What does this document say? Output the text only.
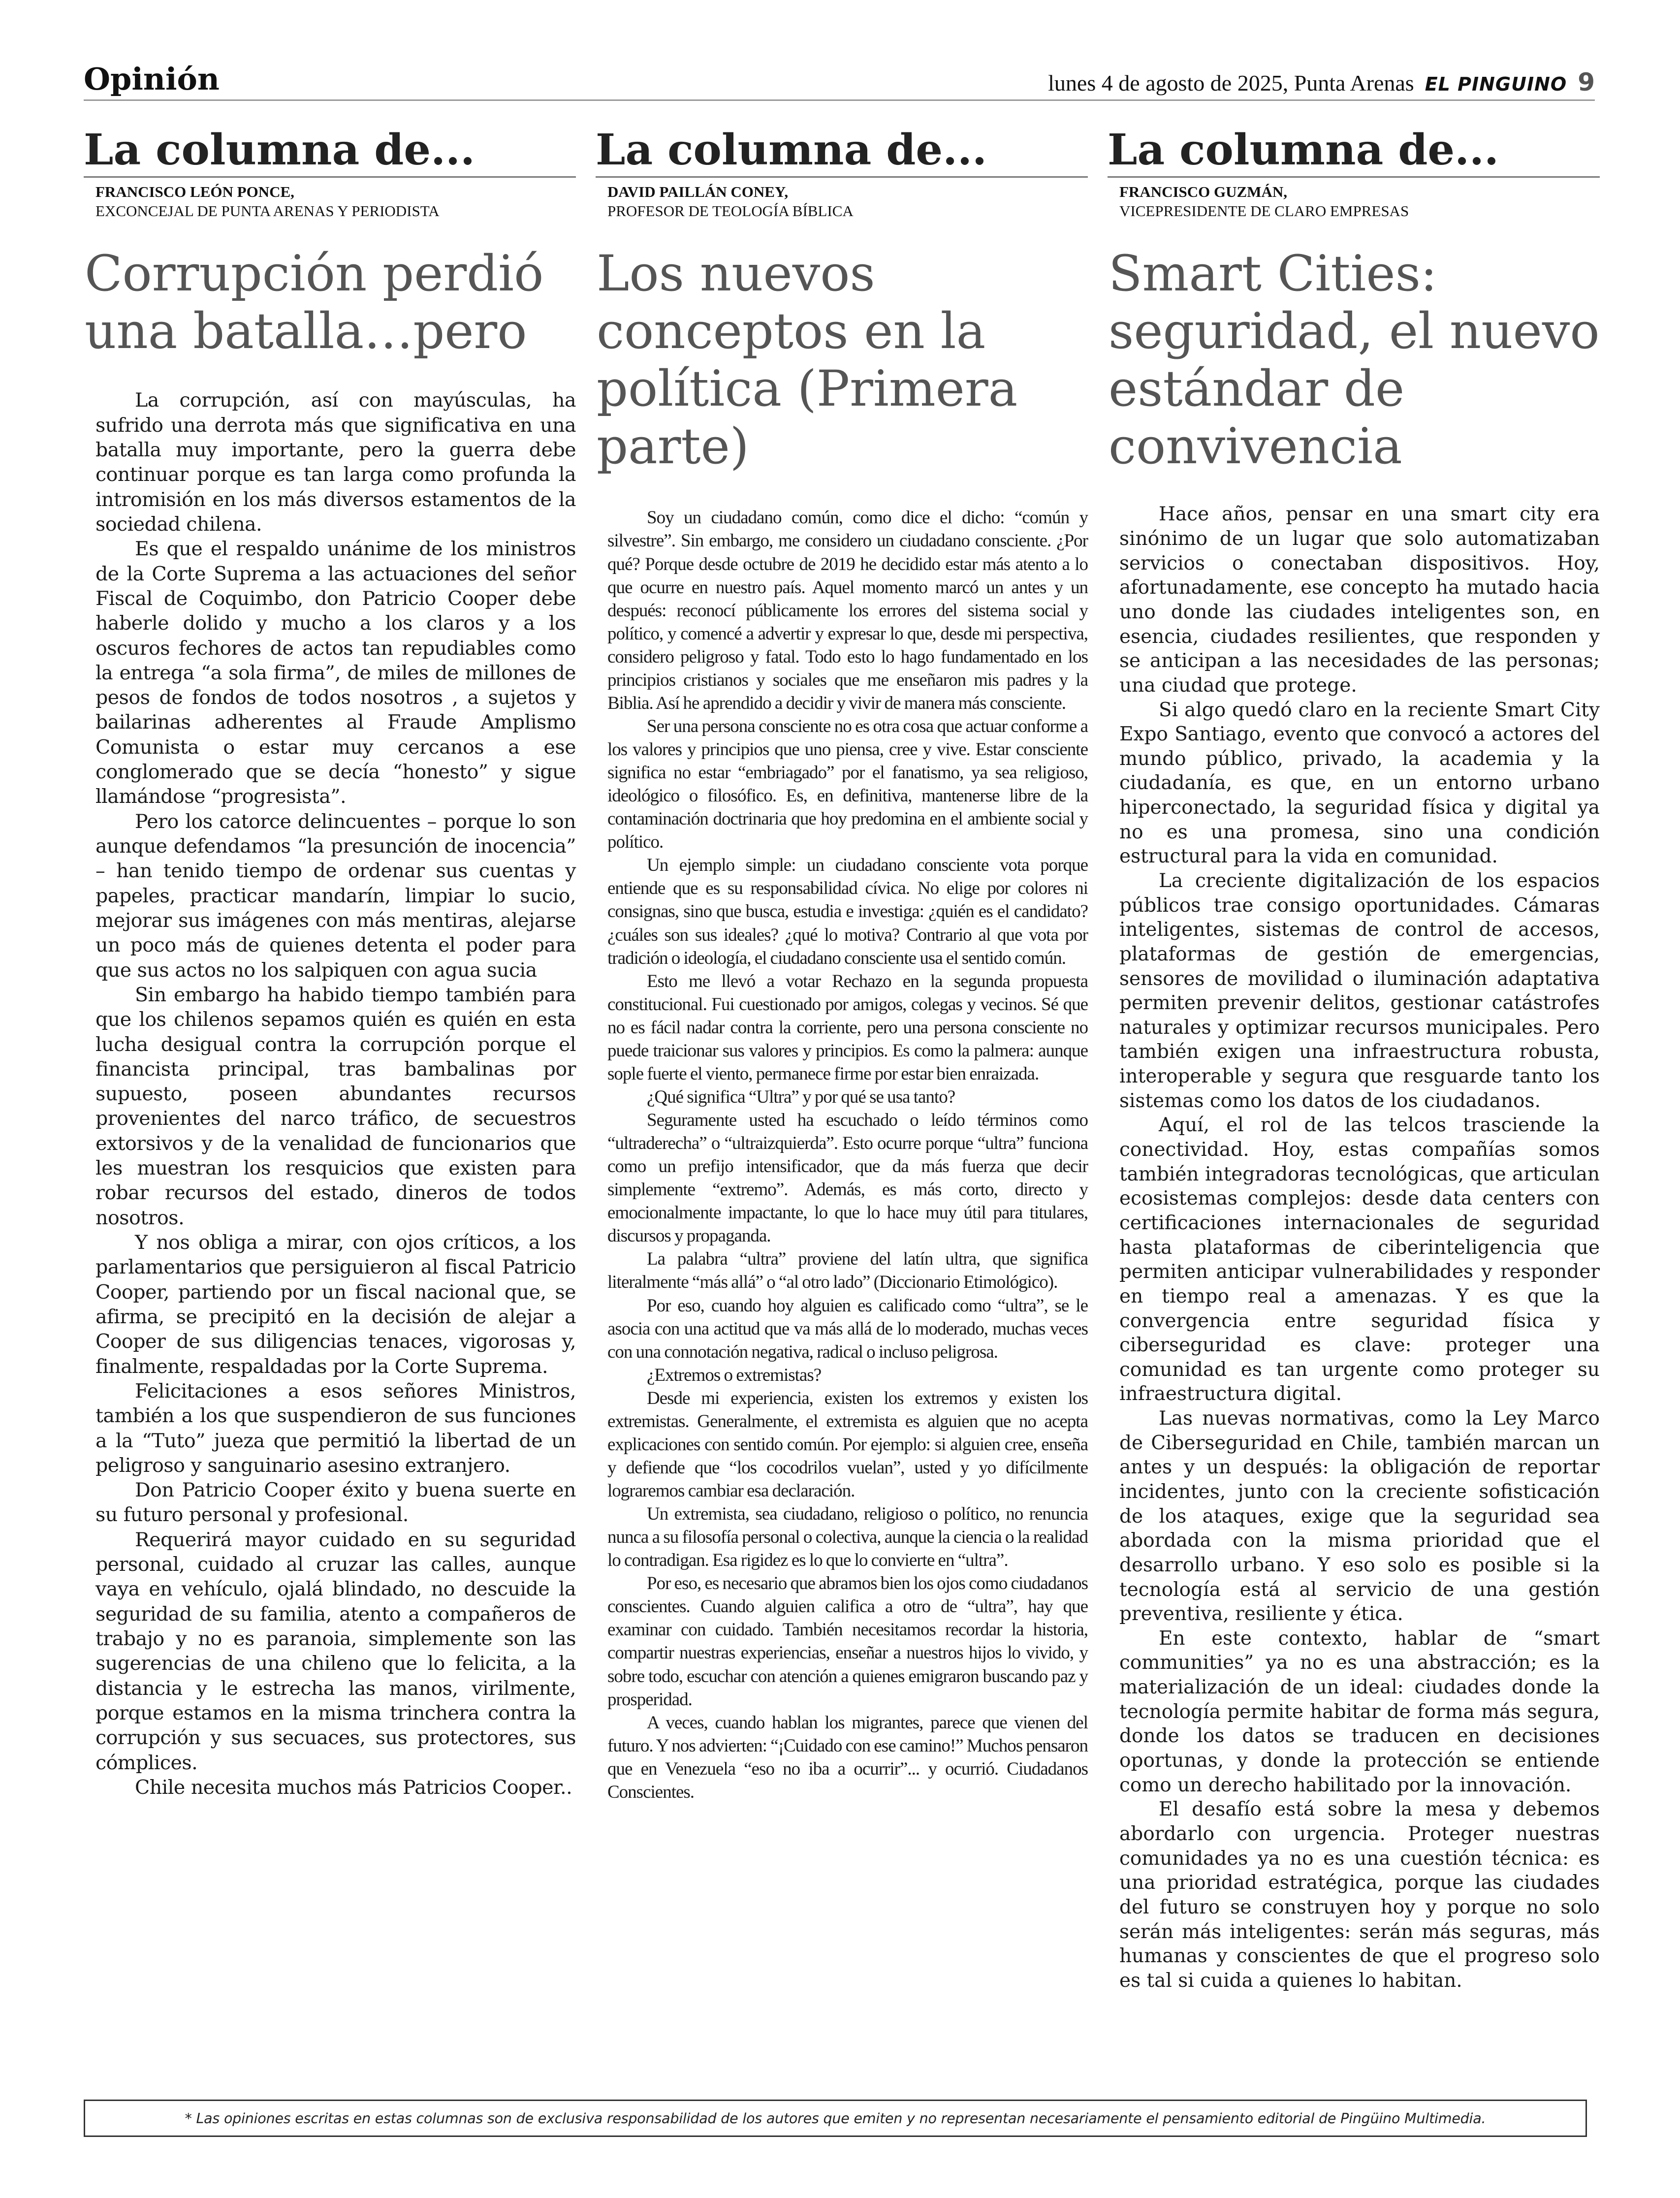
Opinión	lunes 4 de agosto de 2025, Punta Arenas EL PINGUINO 9
La columna de...
FRANCISCO LEÓN PONCE,
EXCONCEJAL DE PUNTA ARENAS Y PERIODISTA
Corrupción perdió una batalla…pero

La corrupción, así con mayúsculas, ha sufrido una derrota más que significativa en una batalla muy importante, pero la guerra debe continuar porque es tan larga como profunda la intromisión en los más diversos estamentos de la sociedad chilena.

Es que el respaldo unánime de los ministros de la Corte Suprema a las actuaciones del señor Fiscal de Coquimbo, don Patricio Cooper debe haberle dolido y mucho a los claros y a los oscuros fechores de actos tan repudiables como la entrega “a sola firma”, de miles de millones de pesos de fondos de todos nosotros , a sujetos y bailarinas adherentes al Fraude Amplismo Comunista o estar muy cercanos a ese conglomerado que se decía “honesto” y sigue llamándose “progresista”.

Pero los catorce delincuentes – porque lo son aunque defendamos “la presunción de inocencia” – han tenido tiempo de ordenar sus cuentas y papeles, practicar mandarín, limpiar lo sucio, mejorar sus imágenes con más mentiras, alejarse un poco más de quienes detenta el poder para que sus actos no los salpiquen con agua sucia

Sin embargo ha habido tiempo también para que los chilenos sepamos quién es quién en esta lucha desigual contra la corrupción porque el financista principal, tras bambalinas por supuesto, poseen abundantes recursos provenientes del narco tráfico, de secuestros extorsivos y de la venalidad de funcionarios que les muestran los resquicios que existen para robar recursos del estado, dineros de todos nosotros.

Y nos obliga a mirar, con ojos críticos, a los parlamentarios que persiguieron al fiscal Patricio Cooper, partiendo por un fiscal nacional que, se afirma, se precipitó en la decisión de alejar a Cooper de sus diligencias tenaces, vigorosas y, finalmente, respaldadas por la Corte Suprema.

Felicitaciones a esos señores Ministros, también a los que suspendieron de sus funciones a la “Tuto” jueza que permitió la libertad de un peligroso y sanguinario asesino extranjero.

Don Patricio Cooper éxito y buena suerte en su futuro personal y profesional.

Requerirá mayor cuidado en su seguridad personal, cuidado al cruzar las calles, aunque vaya en vehículo, ojalá blindado, no descuide la seguridad de su familia, atento a compañeros de trabajo y no es paranoia, simplemente son las sugerencias de una chileno que lo felicita, a la distancia y le estrecha las manos, virilmente, porque estamos en la misma trinchera contra la corrupción y sus secuaces, sus protectores, sus cómplices.

Chile necesita muchos más Patricios Cooper..

La columna de...
DAVID PAILLÁN CONEY,
PROFESOR DE TEOLOGÍA BÍBLICA
Los nuevos conceptos en la política (Primera parte)

Soy un ciudadano común, como dice el dicho: “común y silvestre”. Sin embargo, me considero un ciudadano consciente. ¿Por qué? Porque desde octubre de 2019 he decidido estar más atento a lo que ocurre en nuestro país. Aquel momento marcó un antes y un después: reconocí públicamente los errores del sistema social y político, y comencé a advertir y expresar lo que, desde mi perspectiva, considero peligroso y fatal. Todo esto lo hago fundamentado en los principios cristianos y sociales que me enseñaron mis padres y la Biblia. Así he aprendido a decidir y vivir de manera más consciente.

Ser una persona consciente no es otra cosa que actuar conforme a los valores y principios que uno piensa, cree y vive. Estar consciente significa no estar “embriagado” por el fanatismo, ya sea religioso, ideológico o filosófico. Es, en definitiva, mantenerse libre de la contaminación doctrinaria que hoy predomina en el ambiente social y político.

Un ejemplo simple: un ciudadano consciente vota porque entiende que es su responsabilidad cívica. No elige por colores ni consignas, sino que busca, estudia e investiga: ¿quién es el candidato? ¿cuáles son sus ideales? ¿qué lo motiva? Contrario al que vota por tradición o ideología, el ciudadano consciente usa el sentido común.

Esto me llevó a votar Rechazo en la segunda propuesta constitucional. Fui cuestionado por amigos, colegas y vecinos. Sé que no es fácil nadar contra la corriente, pero una persona consciente no puede traicionar sus valores y principios. Es como la palmera: aunque sople fuerte el viento, permanece firme por estar bien enraizada.

¿Qué significa “Ultra” y por qué se usa tanto?

Seguramente usted ha escuchado o leído términos como “ultraderecha” o “ultraizquierda”. Esto ocurre porque “ultra” funciona como un prefijo intensificador, que da más fuerza que decir simplemente “extremo”. Además, es más corto, directo y emocionalmente impactante, lo que lo hace muy útil para titulares, discursos y propaganda.

La palabra “ultra” proviene del latín ultra, que significa literalmente “más allá” o “al otro lado” (Diccionario Etimológico).

Por eso, cuando hoy alguien es calificado como “ultra”, se le asocia con una actitud que va más allá de lo moderado, muchas veces con una connotación negativa, radical o incluso peligrosa.

¿Extremos o extremistas?

Desde mi experiencia, existen los extremos y existen los extremistas. Generalmente, el extremista es alguien que no acepta explicaciones con sentido común. Por ejemplo: si alguien cree, enseña y defiende que “los cocodrilos vuelan”, usted y yo difícilmente lograremos cambiar esa declaración.

Un extremista, sea ciudadano, religioso o político, no renuncia nunca a su filosofía personal o colectiva, aunque la ciencia o la realidad lo contradigan. Esa rigidez es lo que lo convierte en “ultra”.

Por eso, es necesario que abramos bien los ojos como ciudadanos conscientes. Cuando alguien califica a otro de “ultra”, hay que examinar con cuidado. También necesitamos recordar la historia, compartir nuestras experiencias, enseñar a nuestros hijos lo vivido, y sobre todo, escuchar con atención a quienes emigraron buscando paz y prosperidad.

A veces, cuando hablan los migrantes, parece que vienen del futuro. Y nos advierten: “¡Cuidado con ese camino!” Muchos pensaron que en Venezuela “eso no iba a ocurrir”... y ocurrió. Ciudadanos Conscientes.

La columna de...
FRANCISCO GUZMÁN,
VICEPRESIDENTE DE CLARO EMPRESAS
Smart Cities: seguridad, el nuevo estándar de convivencia

Hace años, pensar en una smart city era sinónimo de un lugar que solo automatizaban servicios o conectaban dispositivos. Hoy, afortunadamente, ese concepto ha mutado hacia uno donde las ciudades inteligentes son, en esencia, ciudades resilientes, que responden y se anticipan a las necesidades de las personas; una ciudad que protege.

Si algo quedó claro en la reciente Smart City Expo Santiago, evento que convocó a actores del mundo público, privado, la academia y la ciudadanía, es que, en un entorno urbano hiperconectado, la seguridad física y digital ya no es una promesa, sino una condición estructural para la vida en comunidad.

La creciente digitalización de los espacios públicos trae consigo oportunidades. Cámaras inteligentes, sistemas de control de accesos, plataformas de gestión de emergencias, sensores de movilidad o iluminación adaptativa permiten prevenir delitos, gestionar catástrofes naturales y optimizar recursos municipales. Pero también exigen una infraestructura robusta, interoperable y segura que resguarde tanto los sistemas como los datos de los ciudadanos.

Aquí, el rol de las telcos trasciende la conectividad. Hoy, estas compañías somos también integradoras tecnológicas, que articulan ecosistemas complejos: desde data centers con certificaciones internacionales de seguridad hasta plataformas de ciberinteligencia que permiten anticipar vulnerabilidades y responder en tiempo real a amenazas. Y es que la convergencia entre seguridad física y ciberseguridad es clave: proteger una comunidad es tan urgente como proteger su infraestructura digital.

Las nuevas normativas, como la Ley Marco de Ciberseguridad en Chile, también marcan un antes y un después: la obligación de reportar incidentes, junto con la creciente sofisticación de los ataques, exige que la seguridad sea abordada con la misma prioridad que el desarrollo urbano. Y eso solo es posible si la tecnología está al servicio de una gestión preventiva, resiliente y ética.

En este contexto, hablar de “smart communities” ya no es una abstracción; es la materialización de un ideal: ciudades donde la tecnología permite habitar de forma más segura, donde los datos se traducen en decisiones oportunas, y donde la protección se entiende como un derecho habilitado por la innovación.

El desafío está sobre la mesa y debemos abordarlo con urgencia. Proteger nuestras comunidades ya no es una cuestión técnica: es una prioridad estratégica, porque las ciudades del futuro se construyen hoy y porque no solo serán más inteligentes: serán más seguras, más humanas y conscientes de que el progreso solo es tal si cuida a quienes lo habitan.

* Las opiniones escritas en estas columnas son de exclusiva responsabilidad de los autores que emiten y no representan necesariamente el pensamiento editorial de Pingüino Multimedia.
